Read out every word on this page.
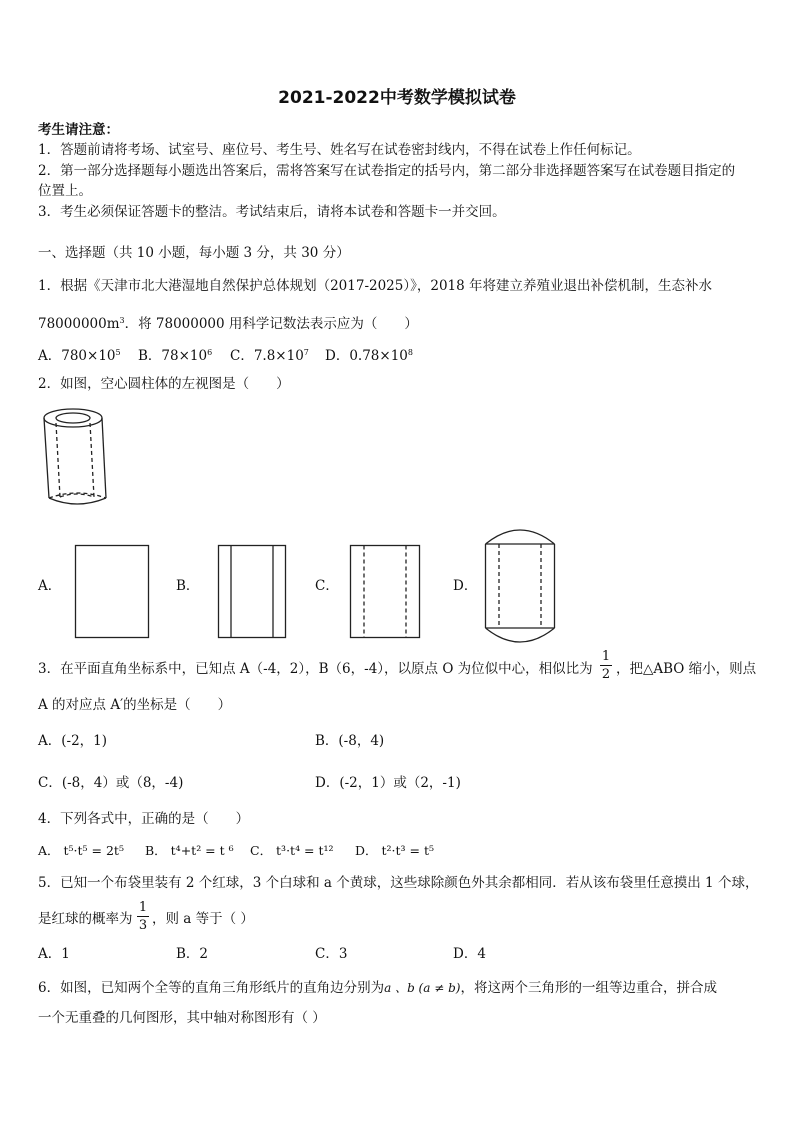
2021-2022中考数学模拟试卷
考生请注意：
1．答题前请将考场、试室号、座位号、考生号、姓名写在试卷密封线内，不得在试卷上作任何标记。
2．第一部分选择题每小题选出答案后，需将答案写在试卷指定的括号内，第二部分非选择题答案写在试卷题目指定的
位置上。
3．考生必须保证答题卡的整洁。考试结束后，请将本试卷和答题卡一并交回。
一、选择题（共 10 小题，每小题 3 分，共 30 分）
1．根据《天津市北大港湿地自然保护总体规划（2017-2025）》，2018 年将建立养殖业退出补偿机制，生态补水
$78000000m^3$．将 78000000 用科学记数法表示应为（　　）
A．$780\times 10^5$ B．$78\times 10^6$ C．$7.8\times 10^7$ D．$0.78\times 10^8$
2．如图，空心圆柱体的左视图是（　　）
A．	B．	C．	D．
3．在平面直角坐标系中，已知点 A（-4，2），B（6，-4），以原点 O 为位似中心，相似比为 $\frac{1}{2}$ ，把△ABO 缩小，则点
A 的对应点 A′的坐标是（　　）
A．(-2，1)	B．(-8，4)
C．(-8，4）或（8，-4)	D．(-2，1）或（2，-1)
4．下列各式中，正确的是（　　）
A． t⁵·t⁵ = 2t⁵ B． t⁴+t² = t ⁶ C． t³·t⁴ = t¹² D． t²·t³ = t⁵
5．已知一个布袋里装有 2 个红球，3 个白球和 a 个黄球，这些球除颜色外其余都相同．若从该布袋里任意摸出 1 个球，
是红球的概率为 $\frac{1}{3}$ ，则 a 等于（ ）
A．1	B．2	C．3	D．4
6．如图，已知两个全等的直角三角形纸片的直角边分别为a 、b (a ≠ b)，将这两个三角形的一组等边重合，拼合成
一个无重叠的几何图形，其中轴对称图形有（ ）
